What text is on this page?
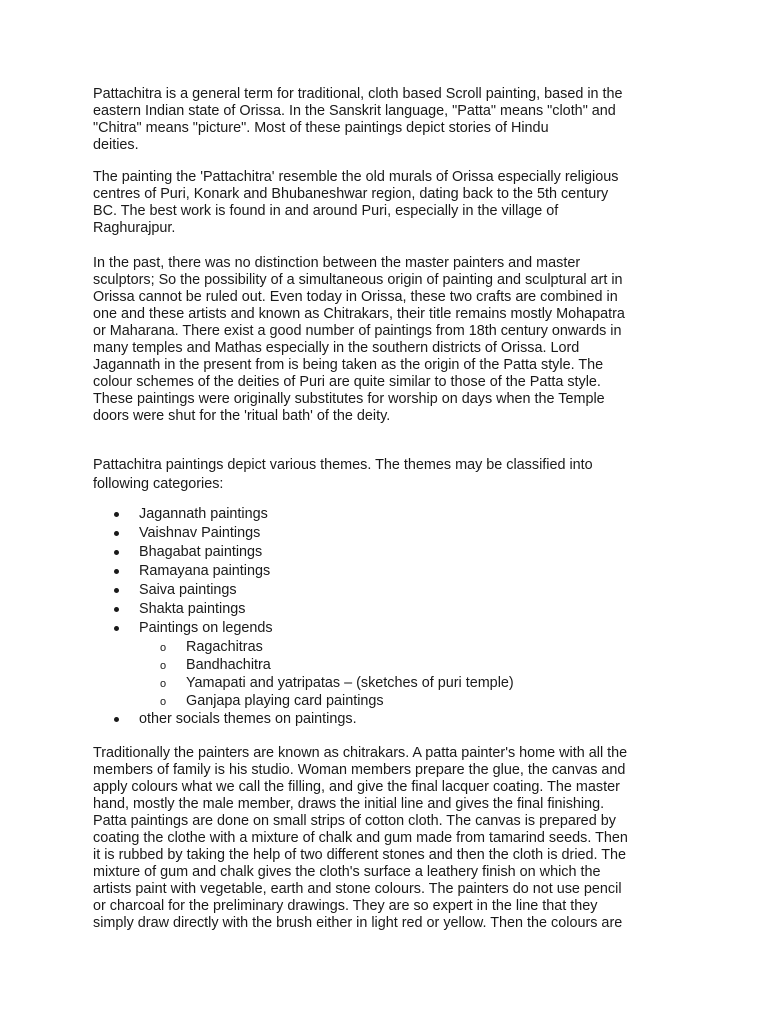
Pattachitra is a general term for traditional, cloth based Scroll painting, based in the
eastern Indian state of Orissa. In the Sanskrit language, "Patta" means "cloth" and
"Chitra" means "picture". Most of these paintings depict stories of Hindu
deities.
The painting the 'Pattachitra' resemble the old murals of Orissa especially religious
centres of Puri, Konark and Bhubaneshwar region, dating back to the 5th century
BC. The best work is found in and around Puri, especially in the village of
Raghurajpur.
In the past, there was no distinction between the master painters and master
sculptors; So the possibility of a simultaneous origin of painting and sculptural art in
Orissa cannot be ruled out. Even today in Orissa, these two crafts are combined in
one and these artists and known as Chitrakars, their title remains mostly Mohapatra
or Maharana. There exist a good number of paintings from 18th century onwards in
many temples and Mathas especially in the southern districts of Orissa. Lord
Jagannath in the present from is being taken as the origin of the Patta style. The
colour schemes of the deities of Puri are quite similar to those of the Patta style.
These paintings were originally substitutes for worship on days when the Temple
doors were shut for the 'ritual bath' of the deity.
Pattachitra paintings depict various themes. The themes may be classified into
following categories:
Jagannath paintings
Vaishnav Paintings
Bhagabat paintings
Ramayana paintings
Saiva paintings
Shakta paintings
Paintings on legends
o Ragachitras
o Bandhachitra
o Yamapati and yatripatas – (sketches of puri temple)
o Ganjapa playing card paintings
other socials themes on paintings.
Traditionally the painters are known as chitrakars. A patta painter's home with all the
members of family is his studio. Woman members prepare the glue, the canvas and
apply colours what we call the filling, and give the final lacquer coating. The master
hand, mostly the male member, draws the initial line and gives the final finishing.
Patta paintings are done on small strips of cotton cloth. The canvas is prepared by
coating the clothe with a mixture of chalk and gum made from tamarind seeds. Then
it is rubbed by taking the help of two different stones and then the cloth is dried. The
mixture of gum and chalk gives the cloth's surface a leathery finish on which the
artists paint with vegetable, earth and stone colours. The painters do not use pencil
or charcoal for the preliminary drawings. They are so expert in the line that they
simply draw directly with the brush either in light red or yellow. Then the colours are
